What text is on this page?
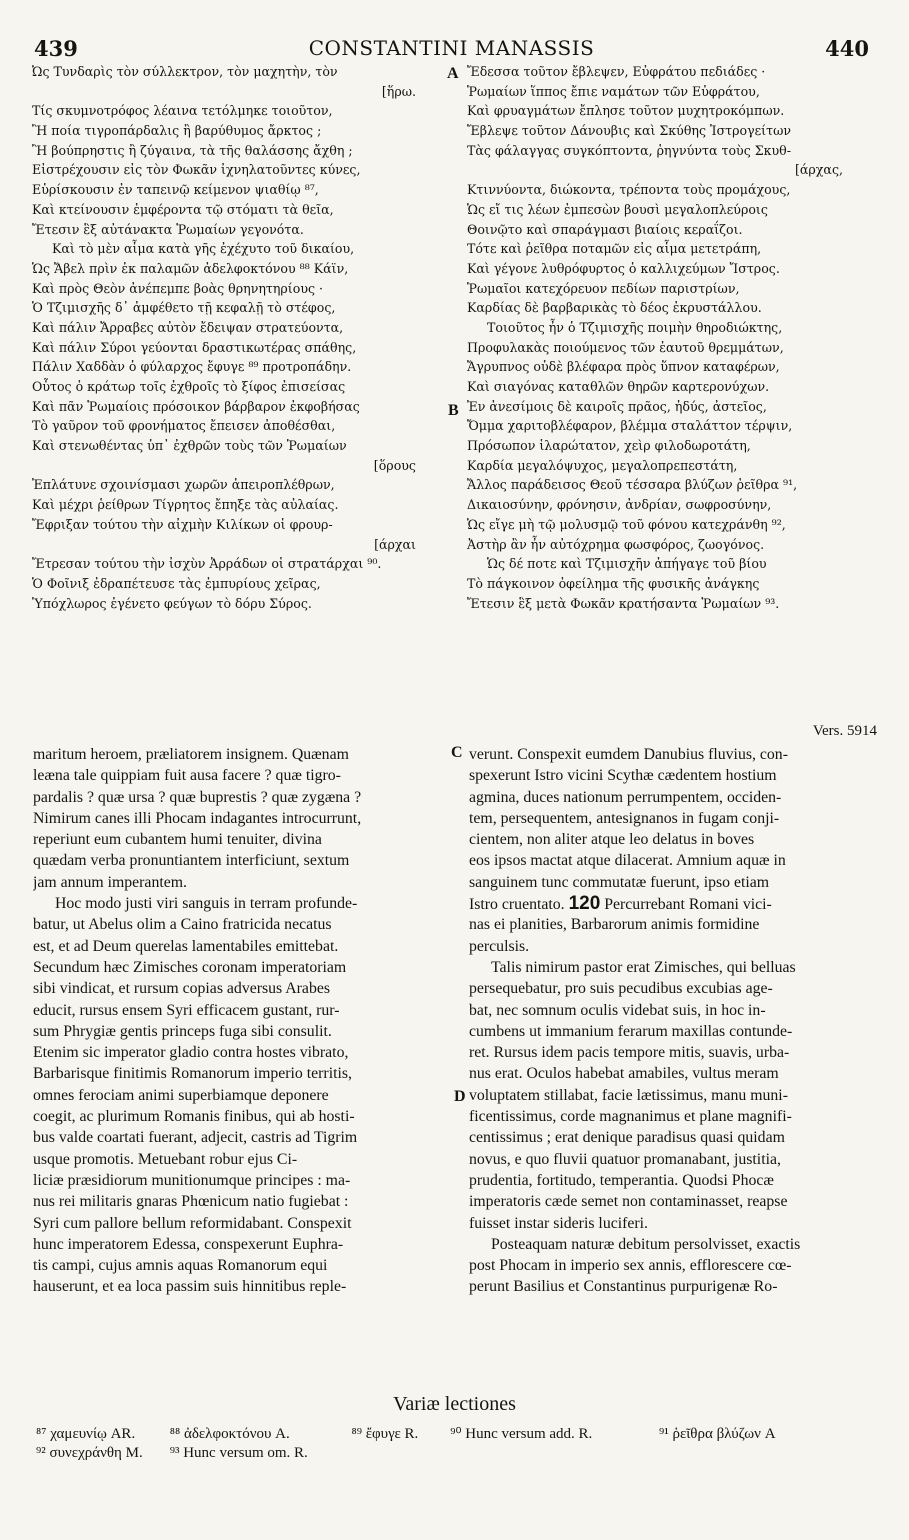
439	CONSTANTINI MANASSIS	440
A
B
C
D
Ὠς Τυνδαρὶς τὸν σύλλεκτρον, τὸν μαχητὴν, τὸν
[ἥρω.
Τίς σκυμνοτρόφος λέαινα τετόλμηκε τοιοῦτον,
Ἢ ποία τιγροπάρδαλις ἢ βαρύθυμος ἄρκτος ;
Ἢ βούπρηστις ἢ ζύγαινα, τὰ τῆς θαλάσσης ἄχθη ;
Εἰστρέχουσιν εἰς τὸν Φωκᾶν ἰχνηλατοῦντες κύνες,
Εὑρίσκουσιν ἐν ταπεινῷ κείμενον ψιαθίῳ ⁸⁷,
Καὶ κτείνουσιν ἐμφέροντα τῷ στόματι τὰ θεῖα,
Ἔτεσιν ἓξ αὐτάνακτα Ῥωμαίων γεγονότα.
Καὶ τὸ μὲν αἷμα κατὰ γῆς ἐχέχυτο τοῦ δικαίου,
Ὡς Ἄβελ πρὶν ἐκ παλαμῶν ἀδελφοκτόνου ⁸⁸ Κάϊν,
Καὶ πρὸς Θεὸν ἀνέπεμπε βοὰς θρηνητηρίους ·
Ὁ Τζιμισχῆς δ᾽ ἀμφέθετο τῇ κεφαλῇ τὸ στέφος,
Καὶ πάλιν Ἄρραβες αὐτὸν ἔδειψαν στρατεύοντα,
Καὶ πάλιν Σύροι γεύονται δραστικωτέρας σπάθης,
Πάλιν Χαδδὰν ὁ φύλαρχος ἔφυγε ⁸⁹ προτροπάδην.
Οὗτος ὁ κράτωρ τοῖς ἐχθροῖς τὸ ξίφος ἐπισείσας
Καὶ πᾶν Ῥωμαίοις πρόσοικον βάρβαρον ἐκφοβήσας
Τὸ γαῦρον τοῦ φρονήματος ἔπεισεν ἀποθέσθαι,
Καὶ στενωθέντας ὑπ᾽ ἐχθρῶν τοὺς τῶν Ῥωμαίων
[ὅρους
Ἐπλάτυνε σχοινίσμασι χωρῶν ἀπειροπλέθρων,
Καὶ μέχρι ῥείθρων Τίγρητος ἔπηξε τὰς αὐλαίας.
Ἔφριξαν τούτου τὴν αἰχμὴν Κιλίκων οἱ φρουρ-
[άρχαι
Ἔτρεσαν τούτου τὴν ἰσχὺν Ἀρράδων οἱ στρατάρχαι ⁹⁰.
Ὁ Φοῖνιξ ἐδραπέτευσε τὰς ἐμπυρίους χεῖρας,
Ὑπόχλωρος ἐγένετο φεύγων τὸ δόρυ Σύρος.
Ἔδεσσα τοῦτον ἔβλεψεν, Εὐφράτου πεδιάδες ·
Ῥωμαίων ἵππος ἔπιε ναμάτων τῶν Εὐφράτου,
Καὶ φρυαγμάτων ἔπλησε τοῦτον μυχητροκόμπων.
Ἔβλεψε τοῦτον Δάνουβις καὶ Σκύθης Ἰστρογείτων
Τὰς φάλαγγας συγκόπτοντα, ῥηγνύντα τοὺς Σκυθ-
[άρχας,
Κτιννύοντα, διώκοντα, τρέποντα τοὺς προμάχους,
Ὡς εἴ τις λέων ἐμπεσὼν βουσὶ μεγαλοπλεύροις
Θοινῷτο καὶ σπαράγμασι βιαίοις κεραΐζοι.
Τότε καὶ ῥεῖθρα ποταμῶν εἰς αἷμα μετετράπη,
Καὶ γέγονε λυθρόφυρτος ὁ καλλιχεύμων Ἴστρος.
Ῥωμαῖοι κατεχόρευον πεδίων παριστρίων,
Καρδίας δὲ βαρβαρικὰς τὸ δέος ἐκρυστάλλου.
Τοιοῦτος ἦν ὁ Τζιμισχῆς ποιμὴν θηροδιώκτης,
Προφυλακὰς ποιούμενος τῶν ἑαυτοῦ θρεμμάτων,
Ἄγρυπνος οὐδὲ βλέφαρα πρὸς ὕπνον καταφέρων,
Καὶ σιαγόνας καταθλῶν θηρῶν καρτερονύχων.
Ἐν ἀνεσίμοις δὲ καιροῖς πρᾶος, ἡδύς, ἀστεῖος,
Ὄμμα χαριτοβλέφαρον, βλέμμα σταλάττον τέρψιν,
Πρόσωπον ἱλαρώτατον, χεὶρ φιλοδωροτάτη,
Καρδία μεγαλόψυχος, μεγαλοπρεπεστάτη,
Ἄλλος παράδεισος Θεοῦ τέσσαρα βλύζων ῥεῖθρα ⁹¹,
Δικαιοσύνην, φρόνησιν, ἀνδρίαν, σωφροσύνην,
Ὡς εἴγε μὴ τῷ μολυσμῷ τοῦ φόνου κατεχράνθη ⁹²,
Ἀστὴρ ἂν ἦν αὐτόχρημα φωσφόρος, ζωογόνος.
Ὡς δέ ποτε καὶ Τζιμισχῆν ἀπήγαγε τοῦ βίου
Τὸ πάγκοινον ὀφείλημα τῆς φυσικῆς ἀνάγκης
Ἔτεσιν ἓξ μετὰ Φωκᾶν κρατήσαντα Ῥωμαίων ⁹³.
Vers. 5914
maritum heroem, præliatorem insignem. Quænam
leæna tale quippiam fuit ausa facere ? quæ tigro-
pardalis ? quæ ursa ? quæ buprestis ? quæ zygæna ?
Nimirum canes illi Phocam indagantes introcurrunt,
reperiunt eum cubantem humi tenuiter, divina
quædam verba pronuntiantem interficiunt, sextum
jam annum imperantem.
Hoc modo justi viri sanguis in terram profunde-
batur, ut Abelus olim a Caino fratricida necatus
est, et ad Deum querelas lamentabiles emittebat.
Secundum hæc Zimisches coronam imperatoriam
sibi vindicat, et rursum copias adversus Arabes
educit, rursus ensem Syri efficacem gustant, rur-
sum Phrygiæ gentis princeps fuga sibi consulit.
Etenim sic imperator gladio contra hostes vibrato,
Barbarisque finitimis Romanorum imperio territis,
omnes ferociam animi superbiamque deponere
coegit, ac plurimum Romanis finibus, qui ab hosti-
bus valde coartati fuerant, adjecit, castris ad Tigrim
usque promotis. Metuebant robur ejus Ci-
liciæ præsidiorum munitionumque principes : ma-
nus rei militaris gnaras Phœnicum natio fugiebat :
Syri cum pallore bellum reformidabant. Conspexit
hunc imperatorem Edessa, conspexerunt Euphra-
tis campi, cujus amnis aquas Romanorum equi
hauserunt, et ea loca passim suis hinnitibus reple-
verunt. Conspexit eumdem Danubius fluvius, con-
spexerunt Istro vicini Scythæ cædentem hostium
agmina, duces nationum perrumpentem, occiden-
tem, persequentem, antesignanos in fugam conji-
cientem, non aliter atque leo delatus in boves
eos ipsos mactat atque dilacerat. Amnium aquæ in
sanguinem tunc commutatæ fuerunt, ipso etiam
Istro cruentato. 120 Percurrebant Romani vici-
nas ei planities, Barbarorum animis formidine
perculsis.
Talis nimirum pastor erat Zimisches, qui belluas
persequebatur, pro suis pecudibus excubias age-
bat, nec somnum oculis videbat suis, in hoc in-
cumbens ut immanium ferarum maxillas contunde-
ret. Rursus idem pacis tempore mitis, suavis, urba-
nus erat. Oculos habebat amabiles, vultus meram
voluptatem stillabat, facie lætissimus, manu muni-
ficentissimus, corde magnanimus et plane magnifi-
centissimus ; erat denique paradisus quasi quidam
novus, e quo fluvii quatuor promanabant, justitia,
prudentia, fortitudo, temperantia. Quodsi Phocæ
imperatoris cæde semet non contaminasset, reapse
fuisset instar sideris luciferi.
Posteaquam naturæ debitum persolvisset, exactis
post Phocam in imperio sex annis, efflorescere cœ-
perunt Basilius et Constantinus purpurigenæ Ro-
Variæ lectiones
⁸⁷ χαμευνίῳ AR. ⁸⁸ ἀδελφοκτόνου A.	⁸⁹ ἔφυγε R. ⁹⁰ Hunc versum add. R.	⁹¹ ῥεῖθρα βλύζων A
⁹² συνεχράνθη M. ⁹³ Hunc versum om. R.
